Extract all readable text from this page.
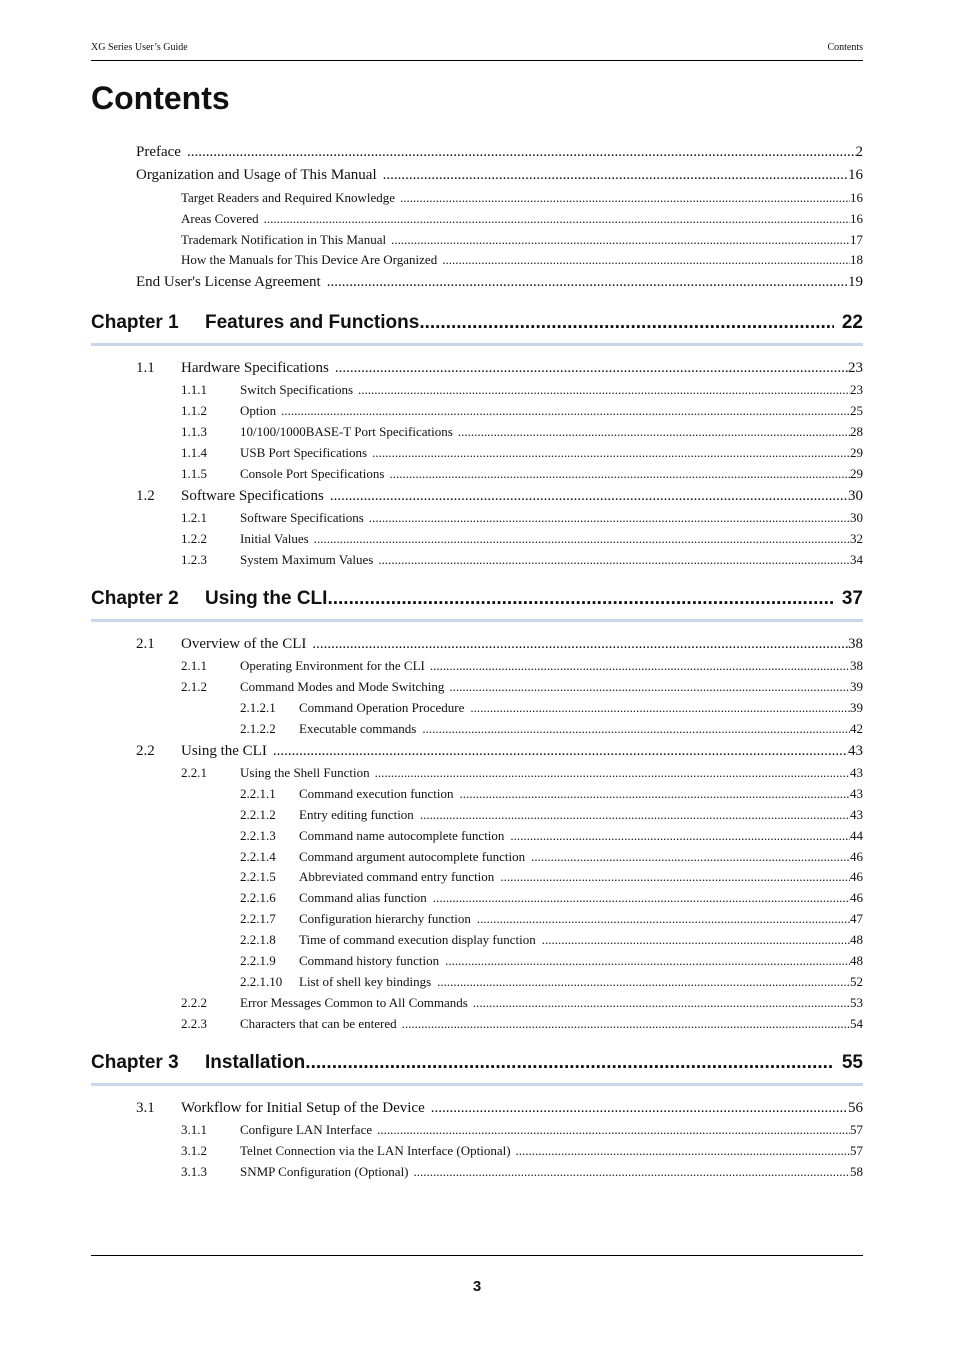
XG Series User’s Guide	Contents
Contents
Preface .....	2
Organization and Usage of This Manual .....	16
Target Readers and Required Knowledge .....	16
Areas Covered .....	16
Trademark Notification in This Manual .....	17
How the Manuals for This Device Are Organized .....	18
End User's License Agreement .....	19
Chapter 1	Features and Functions .....	22
1.1	Hardware Specifications .....	23
1.1.1	Switch Specifications .....	23
1.1.2	Option .....	25
1.1.3	10/100/1000BASE-T Port Specifications .....	28
1.1.4	USB Port Specifications .....	29
1.1.5	Console Port Specifications .....	29
1.2	Software Specifications .....	30
1.2.1	Software Specifications .....	30
1.2.2	Initial Values .....	32
1.2.3	System Maximum Values .....	34
Chapter 2	Using the CLI .....	37
2.1	Overview of the CLI .....	38
2.1.1	Operating Environment for the CLI .....	38
2.1.2	Command Modes and Mode Switching .....	39
2.1.2.1	Command Operation Procedure .....	39
2.1.2.2	Executable commands .....	42
2.2	Using the CLI .....	43
2.2.1	Using the Shell Function .....	43
2.2.1.1	Command execution function .....	43
2.2.1.2	Entry editing function .....	43
2.2.1.3	Command name autocomplete function .....	44
2.2.1.4	Command argument autocomplete function .....	46
2.2.1.5	Abbreviated command entry function .....	46
2.2.1.6	Command alias function .....	46
2.2.1.7	Configuration hierarchy function .....	47
2.2.1.8	Time of command execution display function .....	48
2.2.1.9	Command history function .....	48
2.2.1.10	List of shell key bindings .....	52
2.2.2	Error Messages Common to All Commands .....	53
2.2.3	Characters that can be entered .....	54
Chapter 3	Installation .....	55
3.1	Workflow for Initial Setup of the Device .....	56
3.1.1	Configure LAN Interface .....	57
3.1.2	Telnet Connection via the LAN Interface (Optional) .....	57
3.1.3	SNMP Configuration (Optional) .....	58
3
